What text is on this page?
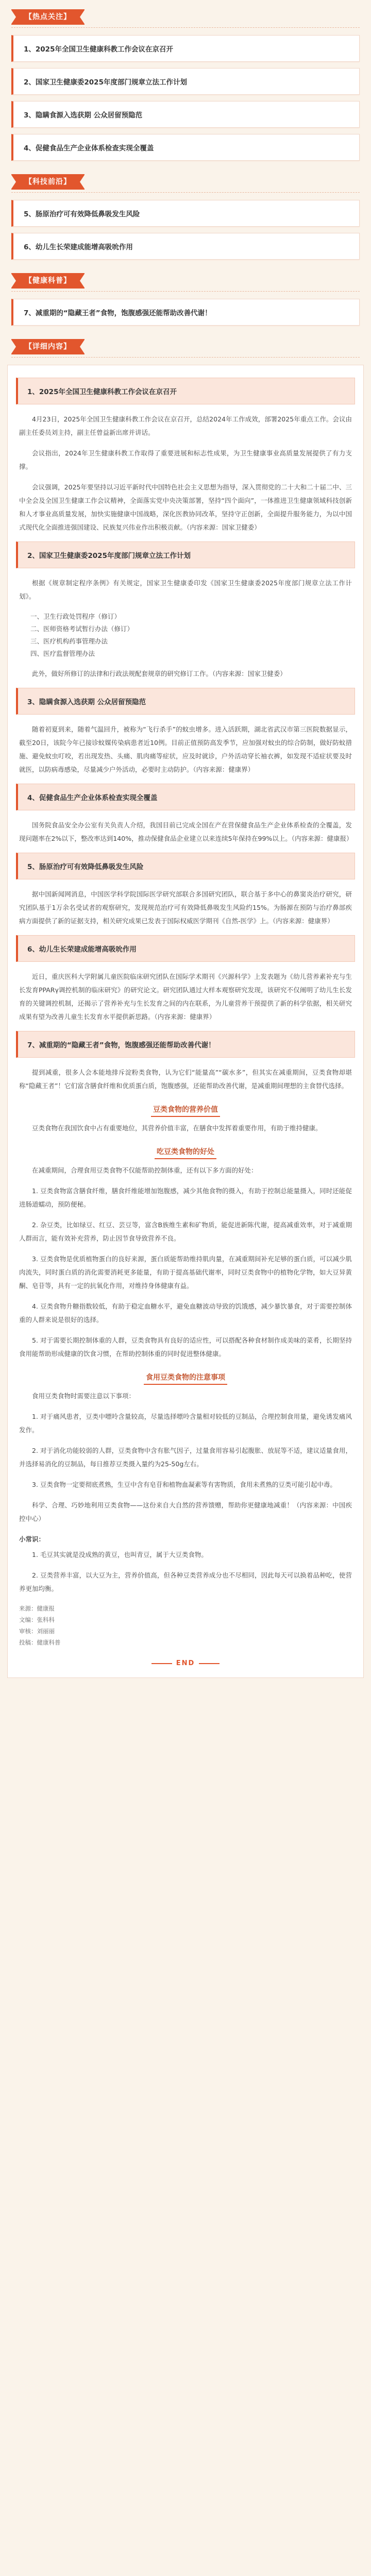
【热点关注】
1、2025年全国卫生健康科教工作会议在京召开
2、国家卫生健康委2025年度部门规章立法工作计划
3、隐瞒食源入选获期 公众居留预隐范
4、促健食品生产企业体系检查实现全覆盖
【科技前沿】
5、肠原治疗可有效降低鼻吸发生风险
6、幼儿生长荣建成能增高吸吮作用
【健康科普】
7、减重期的“隐藏王者”食物，饱腹感强还能帮助改善代谢！
【详细内容】
1、2025年全国卫生健康科教工作会议在京召开

4月23日，2025年全国卫生健康科教工作会议在京召开，总结2024年工作成效，部署2025年重点工作。会议由副主任委员刘主持，副主任曾益新出席并讲话。

会议指出，2024年卫生健康科教工作取得了重要进展和标志性成果，为卫生健康事业高质量发展提供了有力支撑。

会议强调，2025年要坚持以习近平新时代中国特色社会主义思想为指导，深入贯彻党的二十大和二十届二中、三中全会及全国卫生健康工作会议精神，全面落实党中央决策部署，坚持“四个面向”，一体推进卫生健康领域科技创新和人才事业高质量发展，加快实施健康中国战略，深化医教协同改革，坚持守正创新，全面提升服务能力，为以中国式现代化全面推进强国建设、民族复兴伟业作出积极贡献。（内容来源：国家卫健委）

2、国家卫生健康委2025年度部门规章立法工作计划

根据《规章制定程序条例》有关规定，国家卫生健康委印发《国家卫生健康委2025年度部门规章立法工作计划》。

一、卫生行政处罚程序（修订）
二、医师资格考试暂行办法（修订）
三、医疗机构药事管理办法
四、医疗监督管理办法

此外，做好所修订的法律和行政法规配套规章的研究修订工作。（内容来源：国家卫健委）

3、隐瞒食源入选获期 公众居留预隐范

随着初夏到来，随着气温回升，被称为“飞行杀手”的蚊虫增多。进入活跃期，湖北省武汉市第三医院数据显示，截至20日，该院今年已接诊蚊媒传染病患者近10例。目前正值预防高发季节，应加强对蚊虫的综合防制，做好防蚊措施、避免蚊虫叮咬，若出现发热、头痛、肌肉痛等症状，应及时就诊，户外活动穿长袖衣裤，如发现不适症状要及时就医，以防病毒感染，尽量减少户外活动，必要时主动防护。（内容来源：健康界）

4、促健食品生产企业体系检查实现全覆盖

国务院食品安全办公室有关负责人介绍，我国目前已完成全国在产在营保健食品生产企业体系检查的全覆盖，发现问题率在2%以下，整改率达到140%，推动保健食品企业建立以来连续5年保持在99%以上。（内容来源：健康报）

5、肠原治疗可有效降低鼻吸发生风险

据中国新闻网消息，中国医学科学院国际医学研究部联合多国研究团队，联合基于多中心的鼻窦炎治疗研究，研究团队基于1万余名受试者的观察研究，发现规范治疗可有效降低鼻吸发生风险约15%。为肠源在预防与治疗鼻部疾病方面提供了新的证据支持，相关研究成果已发表于国际权威医学期刊《自然-医学》上。（内容来源：健康界）

6、幼儿生长荣建成能增高吸吮作用

近日，重庆医科大学附属儿童医院临床研究团队在国际学术期刊《兴源科学》上发表题为《幼儿营养素补充与生长发育PPARγ调控机制的临床研究》的研究论文。研究团队通过大样本观察研究发现，该研究不仅阐明了幼儿生长发育的关键调控机制，还揭示了营养补充与生长发育之间的内在联系，为儿童营养干预提供了新的科学依据，相关研究成果有望为改善儿童生长发育水平提供新思路。（内容来源：健康界）

7、减重期的“隐藏王者”食物，饱腹感强还能帮助改善代谢！

提到减重，很多人会本能地排斥淀粉类食物，认为它们“能量高”“碳水多”，但其实在减重期间，豆类食物却堪称“隐藏王者”！它们富含膳食纤维和优质蛋白质，饱腹感强，还能帮助改善代谢，是减重期间理想的主食替代选择。

豆类食物的营养价值

豆类食物在我国饮食中占有重要地位，其营养价值丰富，在膳食中发挥着重要作用，有助于维持健康。

吃豆类食物的好处

在减重期间，合理食用豆类食物不仅能帮助控制体重，还有以下多方面的好处：

1. 豆类食物富含膳食纤维，膳食纤维能增加饱腹感，减少其他食物的摄入，有助于控制总能量摄入，同时还能促进肠道蠕动，预防便秘。

2. 杂豆类，比如绿豆、红豆、芸豆等，富含B族维生素和矿物质，能促进新陈代谢，提高减重效率，对于减重期人群而言，能有效补充营养，防止因节食导致营养不良。

3. 豆类食物是优质植物蛋白的良好来源，蛋白质能帮助维持肌肉量，在减重期间补充足够的蛋白质，可以减少肌肉流失，同时蛋白质的消化需要消耗更多能量，有助于提高基础代谢率，同时豆类食物中的植物化学物，如大豆异黄酮、皂苷等，具有一定的抗氧化作用，对维持身体健康有益。

4. 豆类食物升糖指数较低，有助于稳定血糖水平，避免血糖波动导致的饥饿感，减少暴饮暴食，对于需要控制体重的人群来说是很好的选择。

5. 对于需要长期控制体重的人群，豆类食物具有良好的适应性，可以搭配各种食材制作成美味的菜肴，长期坚持食用能帮助形成健康的饮食习惯，在帮助控制体重的同时促进整体健康。

食用豆类食物的注意事项

食用豆类食物时需要注意以下事项：

1. 对于痛风患者，豆类中嘌呤含量较高，尽量选择嘌呤含量相对较低的豆制品，合理控制食用量，避免诱发痛风发作。

2. 对于消化功能较弱的人群，豆类食物中含有胀气因子，过量食用容易引起腹胀、放屁等不适，建议适量食用，并选择易消化的豆制品，每日推荐豆类摄入量约为25-50g左右。

3. 豆类食物一定要彻底煮熟，生豆中含有皂苷和植物血凝素等有害物质，食用未煮熟的豆类可能引起中毒。

科学、合理、巧妙地利用豆类食物——这份来自大自然的营养馈赠，帮助你更健康地减重！（内容来源：中国疾控中心）

小常识：

1. 毛豆其实就是没成熟的黄豆，也叫青豆，属于大豆类食物。

2. 豆类营养丰富，以大豆为主，营养价值高，但各种豆类营养成分也不尽相同，因此每天可以换着品种吃，使营养更加均衡。

来源：健康报
文编：张科科
审核：刘丽丽
投稿：健康科普
END
